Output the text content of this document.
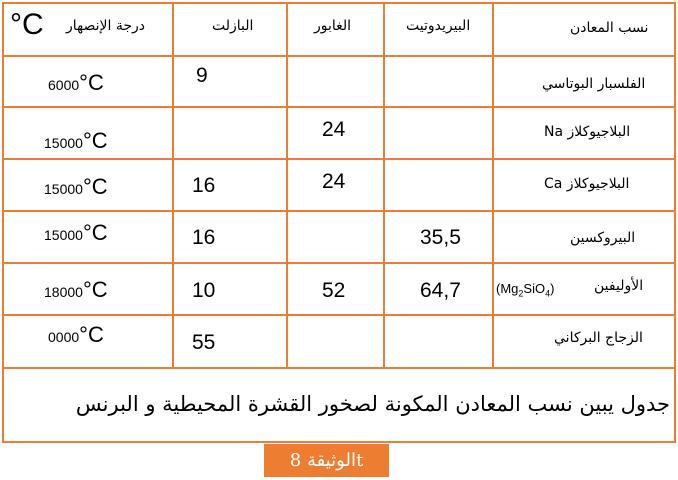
نسب المعادن
البيريدوتيت
الغابور
البازلت
درجة الإنصهار
°C
الفلسبار البوتاسي
9
6000°C
البلاجيوكلاز Na
24
15000°C
البلاجيوكلاز Ca
24
16
15000°C
البيروكسين
35,5
16
15000°C
الأوليفين
$(Mg_2SiO_4)$
64,7
52
10
18000°C
الزجاج البركاني
55
0000°C
جدول يبين نسب المعادن المكونة لصخور القشرة المحيطية و البرنس
الوثيقة 8t
